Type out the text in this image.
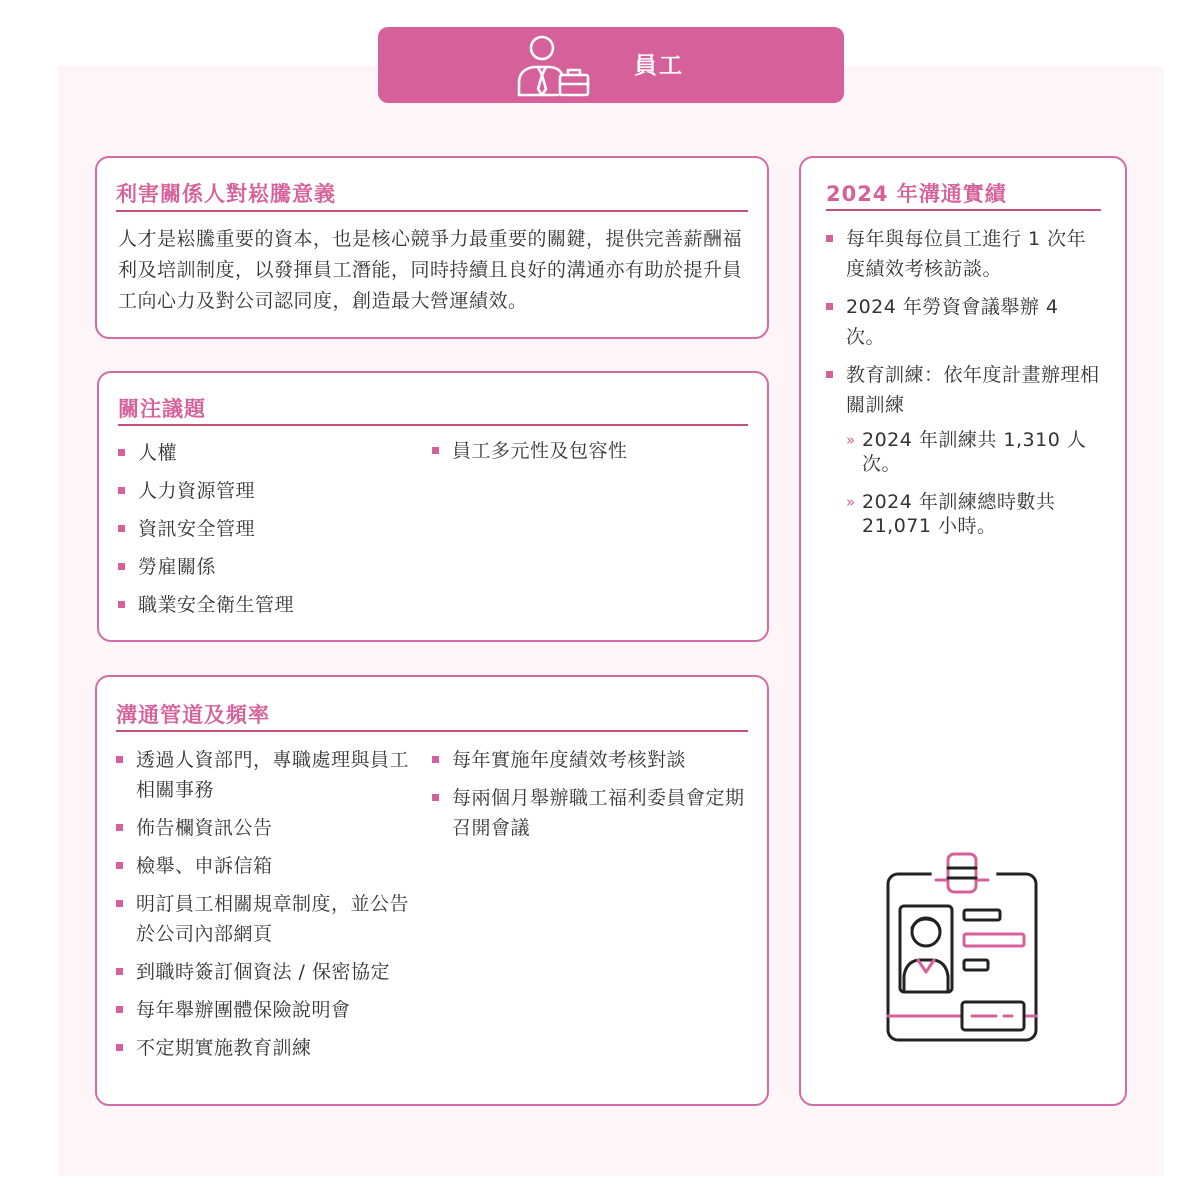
員工
利害關係人對崧騰意義
人才是崧騰重要的資本，也是核心競爭力最重要的關鍵，提供完善薪酬福利及培訓制度，以發揮員工潛能，同時持續且良好的溝通亦有助於提升員工向心力及對公司認同度，創造最大營運績效。
關注議題
人權
人力資源管理
資訊安全管理
勞雇關係
職業安全衛生管理
員工多元性及包容性
溝通管道及頻率
透過人資部門，專職處理與員工相關事務
佈告欄資訊公告
檢舉、申訴信箱
明訂員工相關規章制度，並公告於公司內部網頁
到職時簽訂個資法 / 保密協定
每年舉辦團體保險說明會
不定期實施教育訓練
每年實施年度績效考核對談
每兩個月舉辦職工福利委員會定期召開會議
2024 年溝通實績
每年與每位員工進行 1 次年度績效考核訪談。
2024 年勞資會議舉辦 4 次。
教育訓練：依年度計畫辦理相關訓練
» 2024 年訓練共 1,310 人次。
» 2024 年訓練總時數共 21,071 小時。
